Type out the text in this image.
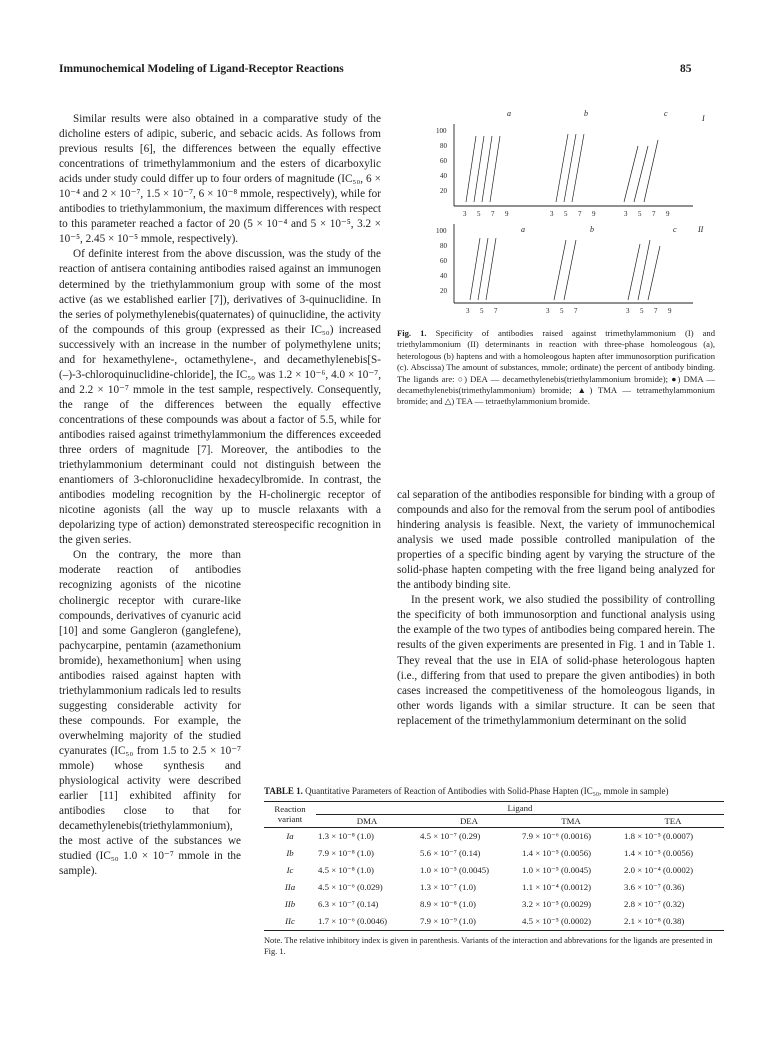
Immunochemical Modeling of Ligand-Receptor Reactions	85

Similar results were also obtained in a comparative study of the dicholine esters of adipic, suberic, and sebacic acids. As follows from previous results [6], the differences between the equally effective concentrations of trimethylammonium and the esters of dicarboxylic acids under study could differ up to four orders of magnitude (IC₅₀, 6 × 10⁻⁴ and 2 × 10⁻⁷, 1.5 × 10⁻⁷, 6 × 10⁻⁸ mmole, respectively), while for antibodies to triethylammonium, the maximum differences with respect to this parameter reached a factor of 20 (5 × 10⁻⁴ and 5 × 10⁻⁵, 3.2 × 10⁻⁵, 2.45 × 10⁻⁵ mmole, respectively).

Of definite interest from the above discussion, was the study of the reaction of antisera containing antibodies raised against an immunogen determined by the triethylammonium group with some of the most active (as we established earlier [7]), derivatives of 3-quinuclidine. In the series of polymethylenebis(quaternates) of quinuclidine, the activity of the compounds of this group (expressed as their IC₅₀) increased successively with an increase in the number of polymethylene units; and for hexamethylene-, octamethylene-, and decamethylenebis[S-(–)-3-chloroquinuclidine-chloride], the IC₅₀ was 1.2 × 10⁻⁶, 4.0 × 10⁻⁷, and 2.2 × 10⁻⁷ mmole in the test sample, respectively. Consequently, the range of the differences between the equally effective concentrations of these compounds was about a factor of 5.5, while for antibodies raised against trimethylammonium the differences exceeded three orders of magnitude [7]. Moreover, the antibodies to the triethylammonium determinant could not distinguish between the enantiomers of 3-chloronuclidine hexadecylbromide. In contrast, the antibodies modeling recognition by the H-cholinergic receptor of nicotine agonists (all the way up to muscle relaxants with a depolarizing type of action) demonstrated stereospecific recognition in the given series.

On the contrary, the more than moderate reaction of antibodies recognizing agonists of the nicotine cholinergic receptor with curare-like compounds, derivatives of cyanuric acid [10] and some Gangleron (ganglefene), pachycarpine, pentamin (azamethonium bromide), hexamethonium] when using antibodies raised against hapten with triethylammonium radicals led to results suggesting considerable activity for these compounds. For example, the overwhelming majority of the studied cyanurates (IC₅₀ from 1.5 to 2.5 × 10⁻⁷ mmole) whose synthesis and physiological activity were described earlier [11] exhibited affinity for antibodies close to that for decamethylenebis(triethylammonium), the most active of the substances we studied (IC₅₀ 1.0 × 10⁻⁷ mmole in the sample).

a	b	c
I
a	b	c	II
100
80
60
40
20
100
80
60
40
20
3 5 7 9	3 5 7 9	3 5 7 9
3 5 7	3 5 7	3 5 7 9
Fig. 1. Specificity of antibodies raised against trimethylammonium (I) and triethylammonium (II) determinants in reaction with three-phase homoleogous (a), heterologous (b) haptens and with a homoleogous hapten after immunosorption purification (c). Abscissa) The amount of substances, mmole; ordinate) the percent of antibody binding. The ligands are: ○) DEA — decamethylenebis(triethylammonium bromide); ●) DMA — decamethylenebis(trimethylammonium) bromide; ▲) TMA — tetramethylammonium bromide; and △) TEA — tetraethylammonium bromide.

cal separation of the antibodies responsible for binding with a group of compounds and also for the removal from the serum pool of antibodies hindering analysis is feasible. Next, the variety of immunochemical analysis we used made possible controlled manipulation of the properties of a specific binding agent by varying the structure of the solid-phase hapten competing with the free ligand being analyzed for the antibody binding site.

In the present work, we also studied the possibility of controlling the specificity of both immunosorption and functional analysis using the example of the two types of antibodies being compared herein. The results of the given experiments are presented in Fig. 1 and in Table 1. They reveal that the use in EIA of solid-phase heterologous hapten (i.e., differing from that used to prepare the given antibodies) in both cases increased the competitiveness of the homoleogous ligands, in other words ligands with a similar structure. It can be seen that replacement of the trimethylammonium determinant on the solid

TABLE 1. Quantitative Parameters of Reaction of Antibodies with Solid-Phase Hapten (IC₅₀, mmole in sample)
Reaction variant	Ligand			
	DMA	DEA	TMA	TEA
Ia	1.3 × 10⁻⁸ (1.0)	4.5 × 10⁻⁷ (0.29)	7.9 × 10⁻⁶ (0.0016)	1.8 × 10⁻⁵ (0.0007)
Ib	7.9 × 10⁻⁸ (1.0)	5.6 × 10⁻⁷ (0.14)	1.4 × 10⁻⁵ (0.0056)	1.4 × 10⁻⁵ (0.0056)
Ic	4.5 × 10⁻⁸ (1.0)	1.0 × 10⁻⁵ (0.0045)	1.0 × 10⁻⁵ (0.0045)	2.0 × 10⁻⁴ (0.0002)
IIa	4.5 × 10⁻⁶ (0.029)	1.3 × 10⁻⁷ (1.0)	1.1 × 10⁻⁴ (0.0012)	3.6 × 10⁻⁷ (0.36)
IIb	6.3 × 10⁻⁷ (0.14)	8.9 × 10⁻⁸ (1.0)	3.2 × 10⁻⁵ (0.0029)	2.8 × 10⁻⁷ (0.32)
IIc	1.7 × 10⁻⁶ (0.0046)	7.9 × 10⁻⁹ (1.0)	4.5 × 10⁻⁵ (0.0002)	2.1 × 10⁻⁸ (0.38)
Note. The relative inhibitory index is given in parenthesis. Variants of the interaction and abbrevations for the ligands are presented in Fig. 1.
